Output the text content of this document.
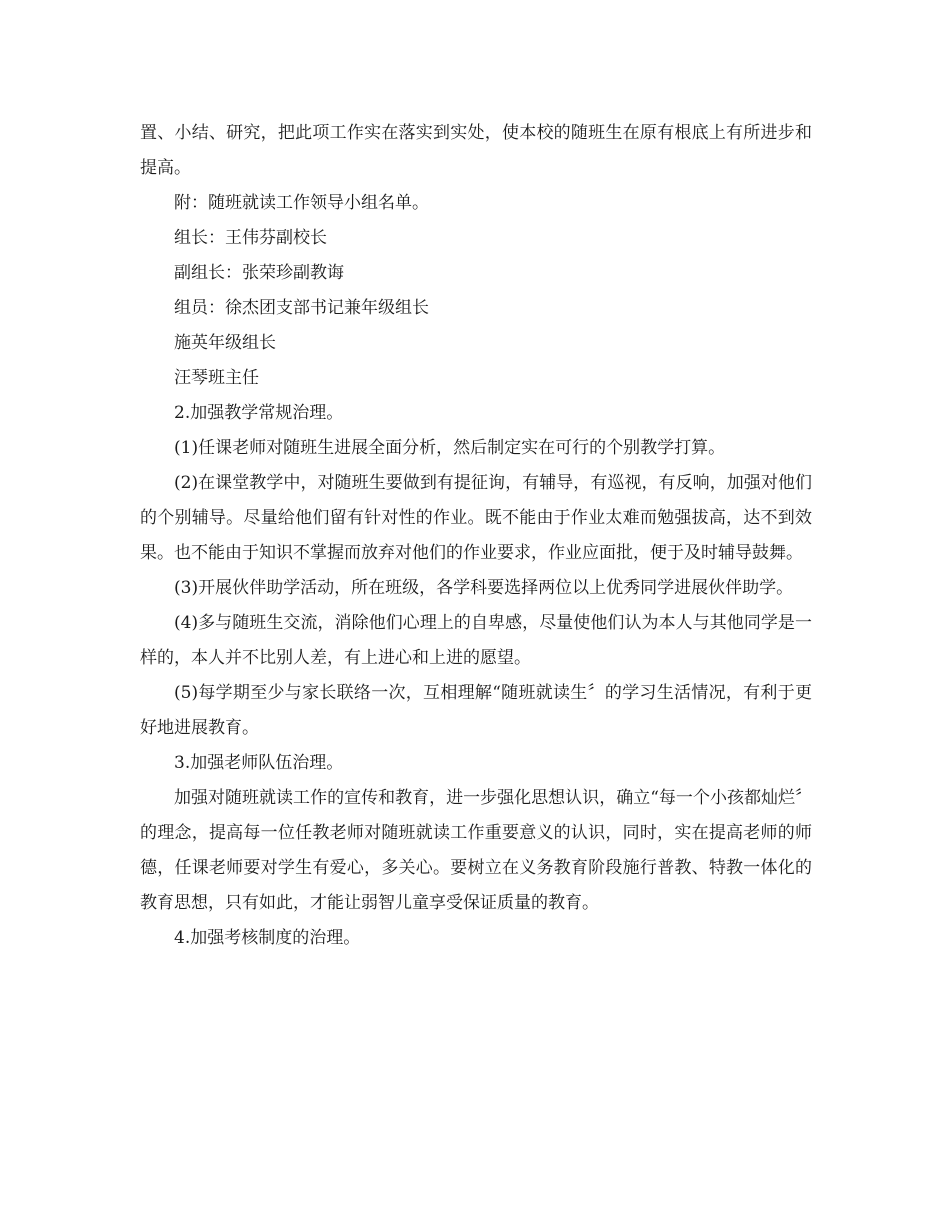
置、小结、研究，把此项工作实在落实到实处，使本校的随班生在原有根底上有所进步和提高。

附：随班就读工作领导小组名单。

组长：王伟芬副校长

副组长：张荣珍副教诲

组员：徐杰团支部书记兼年级组长

施英年级组长

汪琴班主任

2.加强教学常规治理。

(1)任课老师对随班生进展全面分析，然后制定实在可行的个别教学打算。

(2)在课堂教学中，对随班生要做到有提征询，有辅导，有巡视，有反响，加强对他们的个别辅导。尽量给他们留有针对性的作业。既不能由于作业太难而勉强拔高，达不到效果。也不能由于知识不掌握而放弃对他们的作业要求，作业应面批，便于及时辅导鼓舞。

(3)开展伙伴助学活动，所在班级，各学科要选择两位以上优秀同学进展伙伴助学。

(4)多与随班生交流，消除他们心理上的自卑感，尽量使他们认为本人与其他同学是一样的，本人并不比别人差，有上进心和上进的愿望。

(5)每学期至少与家长联络一次，互相理解“随班就读生〞的学习生活情况，有利于更好地进展教育。

3.加强老师队伍治理。

加强对随班就读工作的宣传和教育，进一步强化思想认识，确立“每一个小孩都灿烂〞的理念，提高每一位任教老师对随班就读工作重要意义的认识，同时，实在提高老师的师德，任课老师要对学生有爱心，多关心。要树立在义务教育阶段施行普教、特教一体化的教育思想，只有如此，才能让弱智儿童享受保证质量的教育。

4.加强考核制度的治理。
